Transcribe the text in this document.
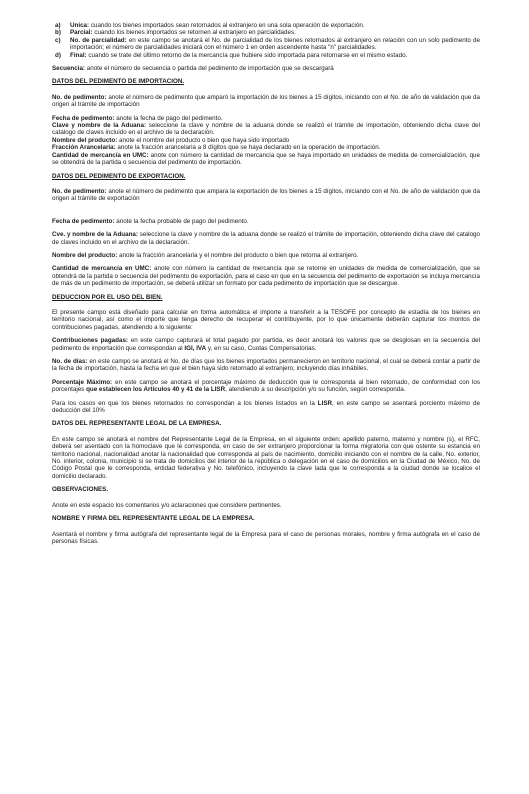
a) Unica: cuando los bienes importados sean retornados al extranjero en una sola operación de exportación.
b) Parcial: cuando los bienes importados se retornen al extranjero en parcialidades.
c) No. de parcialidad: en este campo se anotará el No. de parcialidad de los bienes retornados al extranjero en relación con un solo pedimento de importación; el número de parcialidades iniciará con el número 1 en orden ascendente hasta "n" parcialidades.
d) Final: cuando se trate del último retorno de la mercancía que hubiere sido importada para retornarse en el mismo estado.

Secuencia: anote el número de secuencia o partida del pedimento de importación que se descargará

DATOS DEL PEDIMENTO DE IMPORTACION.

No. de pedimento: anote el número de pedimento que amparó la importación de los bienes a 15 dígitos, iniciando con el No. de año de validación que da origen al trámite de importación

Fecha de pedimento: anote la fecha de pago del pedimento.
Clave y nombre de la Aduana: seleccione la clave y nombre de la aduana donde se realizó el trámite de importación, obteniendo dicha clave del catálogo de claves incluido en el archivo de la declaración.
Nombre del producto: anote el nombre del producto o bien que haya sido importado
Fracción Arancelaria: anote la fracción arancelaria a 8 dígitos que se haya declarado en la operación de importación.
Cantidad de mercancía en UMC: anote con número la cantidad de mercancía que se haya importado en unidades de medida de comercialización, que se obtendrá de la partida o secuencia del pedimento de importación.
DATOS DEL PEDIMENTO DE EXPORTACION.

No. de pedimento: anote el número de pedimento que ampara la exportación de los bienes a 15 dígitos, iniciando con el No. de año de validación que da origen al trámite de exportación

Fecha de pedimento: anote la fecha probable de pago del pedimento.

Cve. y nombre de la Aduana: seleccione la clave y nombre de la aduana donde se realizó el trámite de importación, obteniendo dicha clave del catalogo de claves incluido en el archivo de la declaración.

Nombre del producto: anote la fracción arancelaria y el nombre del producto o bien que retorna al extranjero.

Cantidad de mercancía en UMC: anote con número la cantidad de mercancía que se retorne en unidades de medida de comercialización, que se obtendrá de la partida o secuencia del pedimento de exportación, para el caso en que en la secuencia del pedimento de exportación se incluya mercancía de más de un pedimento de importación, se deberá utilizar un formato por cada pedimento de importación que se descargue.

DEDUCCION POR EL USO DEL BIEN.

El presente campo está diseñado para calcular en forma automática el importe a transferir a la TESOFE por concepto de estadía de los bienes en territorio nacional, así como el importe que tenga derecho de recuperar el contribuyente, por lo que únicamente deberán capturar los montos de contribuciones pagadas, atendiendo a lo siguiente:

Contribuciones pagadas: en este campo capturará el total pagado por partida, es decir anotará los valores que se desglosan en la secuencia del pedimento de importación que correspondan al IGI, IVA y, en su caso, Cuotas Compensatorias.

No. de días: en este campo se anotará el No. de días que los bienes importados permanecieron en territorio nacional, el cual se deberá contar a partir de la fecha de importación, hasta la fecha en que el bien haya sido retornado al extranjero, incluyendo días inhábiles.

Porcentaje Máximo: en este campo se anotará el porcentaje máximo de deducción que le corresponda al bien retornado, de conformidad con los porcentajes que establecen los Artículos 40 y 41 de la LISR, atendiendo a su descripción y/o su función, según corresponda.

Para los casos en que los bienes retornados no correspondan a los bienes listados en la LISR, en este campo se asentará porciento máximo de deducción del 10%

DATOS DEL REPRESENTANTE LEGAL DE LA EMPRESA.

En este campo se anotará el nombre del Representante Legal de la Empresa, en el siguiente orden: apellido paterno, materno y nombre (s), el RFC, deberá ser asentado con la homoclave que le corresponda, en caso de ser extranjero proporcionar la forma migratoria con que ostente su estancia en territorio nacional, nacionalidad anotar la nacionalidad que corresponda al país de nacimiento, domicilio iniciando con el nombre de la calle, No. exterior, No. interior, colonia, municipio si se trata de domicilios del interior de la república o delegación en el caso de domicilios en la Ciudad de México, No. de Código Postal que le corresponda, entidad federativa y No. telefónico, incluyendo la clave lada que le corresponda a la ciudad donde se localice el domicilio declarado.

OBSERVACIONES.

Anote en este espacio los comentarios y/o aclaraciones que considere pertinentes.

NOMBRE Y FIRMA DEL REPRESENTANTE LEGAL DE LA EMPRESA.

Asentará el nombre y firma autógrafa del representante legal de la Empresa para el caso de personas morales, nombre y firma autógrafa en el caso de personas físicas.
